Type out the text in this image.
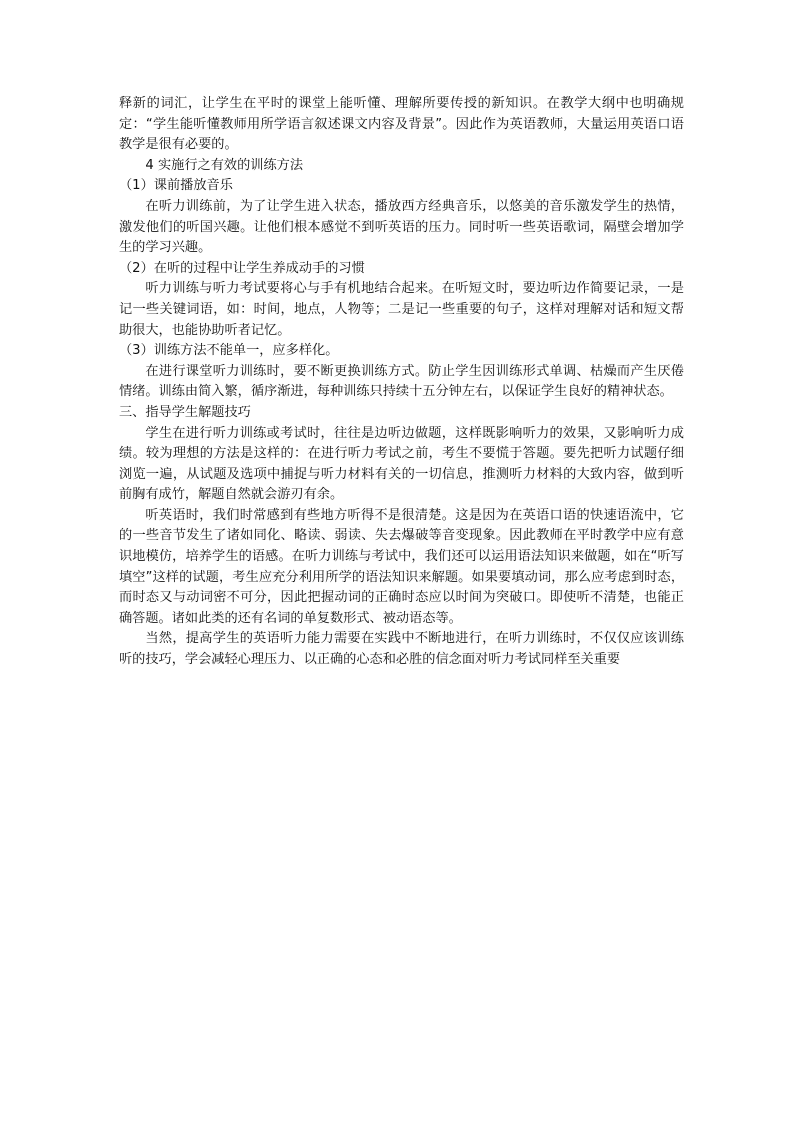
释新的词汇，让学生在平时的课堂上能听懂、理解所要传授的新知识。在教学大纲中也明确规定：“学生能听懂教师用所学语言叙述课文内容及背景”。因此作为英语教师，大量运用英语口语教学是很有必要的。

4 实施行之有效的训练方法

（1）课前播放音乐

在听力训练前，为了让学生进入状态，播放西方经典音乐，以悠美的音乐激发学生的热情，激发他们的听国兴趣。让他们根本感觉不到听英语的压力。同时听一些英语歌词，隔壁会增加学生的学习兴趣。

（2）在听的过程中让学生养成动手的习惯

听力训练与听力考试要将心与手有机地结合起来。在听短文时，要边听边作简要记录，一是记一些关键词语，如：时间，地点，人物等；二是记一些重要的句子，这样对理解对话和短文帮助很大，也能协助听者记忆。

（3）训练方法不能单一，应多样化。

在进行课堂听力训练时，要不断更换训练方式。防止学生因训练形式单调、枯燥而产生厌倦情绪。训练由简入繁，循序渐进，每种训练只持续十五分钟左右，以保证学生良好的精神状态。

三、指导学生解题技巧

学生在进行听力训练或考试时，往往是边听边做题，这样既影响听力的效果，又影响听力成绩。较为理想的方法是这样的：在进行听力考试之前，考生不要慌于答题。要先把听力试题仔细浏览一遍，从试题及选项中捕捉与听力材料有关的一切信息，推测听力材料的大致内容，做到听前胸有成竹，解题自然就会游刃有余。

听英语时，我们时常感到有些地方听得不是很清楚。这是因为在英语口语的快速语流中，它的一些音节发生了诸如同化、略读、弱读、失去爆破等音变现象。因此教师在平时教学中应有意识地模仿，培养学生的语感。在听力训练与考试中，我们还可以运用语法知识来做题，如在“听写填空”这样的试题，考生应充分利用所学的语法知识来解题。如果要填动词，那么应考虑到时态，而时态又与动词密不可分，因此把握动词的正确时态应以时间为突破口。即使听不清楚，也能正确答题。诸如此类的还有名词的单复数形式、被动语态等。

当然，提高学生的英语听力能力需要在实践中不断地进行，在听力训练时，不仅仅应该训练听的技巧，学会减轻心理压力、以正确的心态和必胜的信念面对听力考试同样至关重要
